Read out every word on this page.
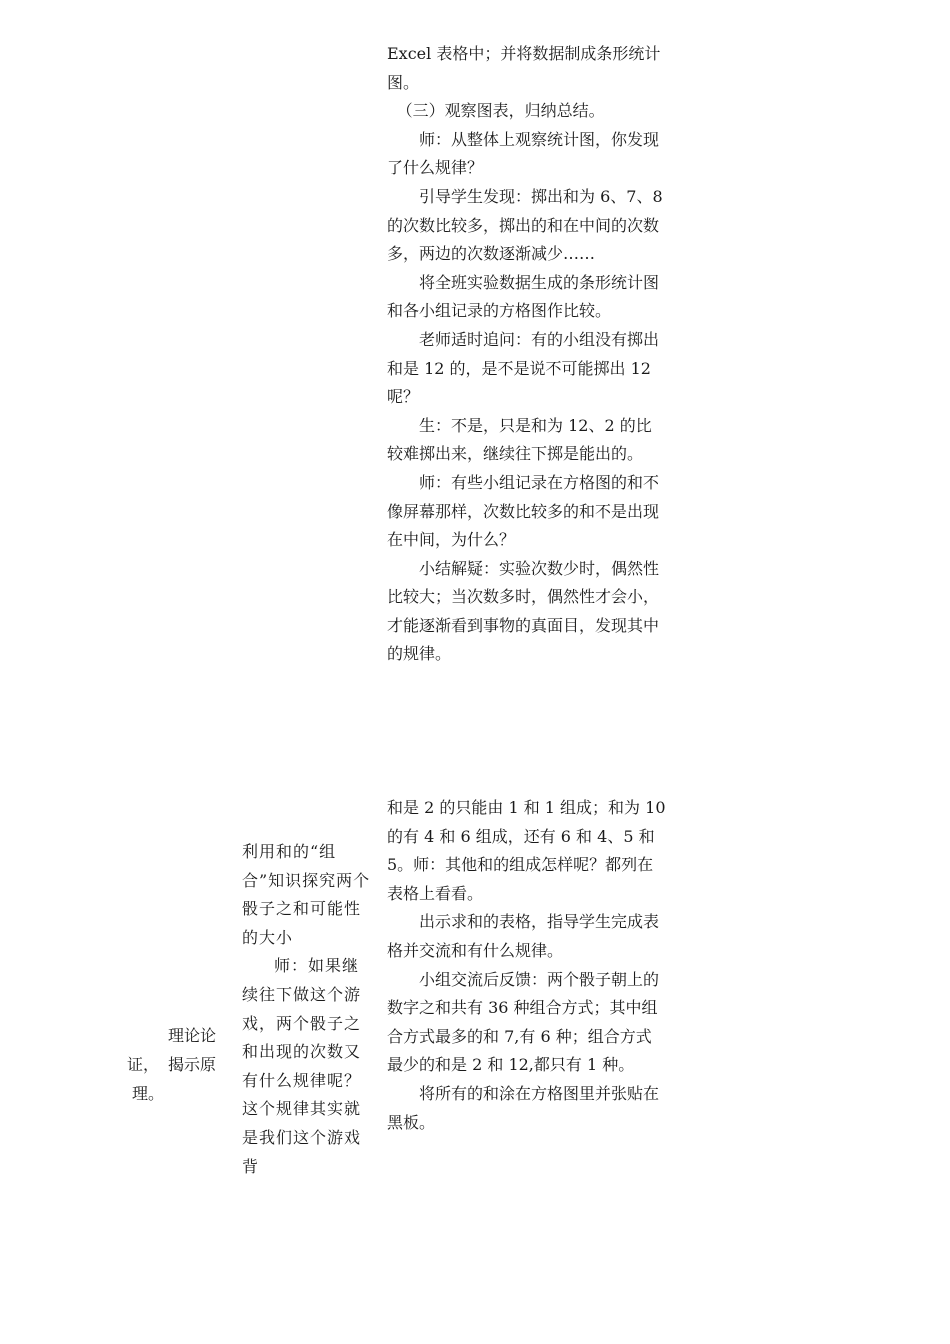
Excel 表格中；并将数据制成条形统计图。

（三）观察图表，归纳总结。

师：从整体上观察统计图，你发现了什么规律？

引导学生发现：掷出和为 6、7、8 的次数比较多，掷出的和在中间的次数多，两边的次数逐渐减少……

将全班实验数据生成的条形统计图和各小组记录的方格图作比较。

老师适时追问：有的小组没有掷出和是 12 的，是不是说不可能掷出 12 呢？

生：不是，只是和为 12、2 的比较难掷出来，继续往下掷是能出的。

师：有些小组记录在方格图的和不像屏幕那样，次数比较多的和不是出现在中间，为什么？

小结解疑：实验次数少时，偶然性比较大；当次数多时，偶然性才会小，才能逐渐看到事物的真面目，发现其中的规律。

利用和的“组合”知识探究两个骰子之和可能性的大小

师：如果继续往下做这个游戏，两个骰子之和出现的次数又有什么规律呢？这个规律其实就是我们这个游戏背

和是 2 的只能由 1 和 1 组成；和为 10 的有 4 和 6 组成，还有 6 和 4、5 和 5。师：其他和的组成怎样呢？都列在表格上看看。

出示求和的表格，指导学生完成表格并交流和有什么规律。

小组交流后反馈：两个骰子朝上的数字之和共有 36 种组合方式；其中组合方式最多的和 7,有 6 种；组合方式最少的和是 2 和 12,都只有 1 种。

将所有的和涂在方格图里并张贴在黑板。

理论论
证， 揭示原
理。
